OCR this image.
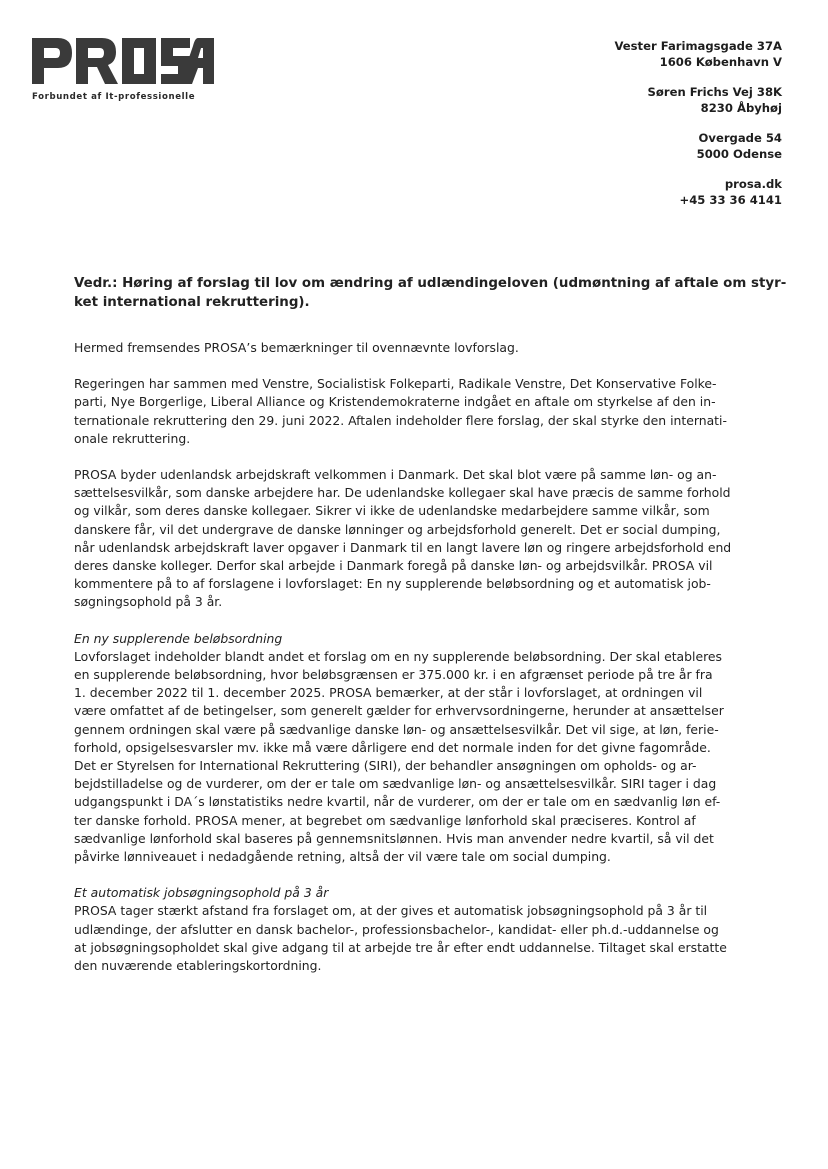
Forbundet af It-professionelle
Vester Farimagsgade 37A
1606 København V
Søren Frichs Vej 38K
8230 Åbyhøj
Overgade 54
5000 Odense
prosa.dk
+45 33 36 4141
Vedr.: Høring af forslag til lov om ændring af udlændingeloven (udmøntning af aftale om styr-
ket international rekruttering).
Hermed fremsendes PROSA’s bemærkninger til ovennævnte lovforslag.
Regeringen har sammen med Venstre, Socialistisk Folkeparti, Radikale Venstre, Det Konservative Folke-
parti, Nye Borgerlige, Liberal Alliance og Kristendemokraterne indgået en aftale om styrkelse af den in-
ternationale rekruttering den 29. juni 2022. Aftalen indeholder flere forslag, der skal styrke den internati-
onale rekruttering.
PROSA byder udenlandsk arbejdskraft velkommen i Danmark. Det skal blot være på samme løn- og an-
sættelsesvilkår, som danske arbejdere har. De udenlandske kollegaer skal have præcis de samme forhold
og vilkår, som deres danske kollegaer. Sikrer vi ikke de udenlandske medarbejdere samme vilkår, som
danskere får, vil det undergrave de danske lønninger og arbejdsforhold generelt. Det er social dumping,
når udenlandsk arbejdskraft laver opgaver i Danmark til en langt lavere løn og ringere arbejdsforhold end
deres danske kolleger. Derfor skal arbejde i Danmark foregå på danske løn- og arbejdsvilkår. PROSA vil
kommentere på to af forslagene i lovforslaget: En ny supplerende beløbsordning og et automatisk job-
søgningsophold på 3 år.
En ny supplerende beløbsordning
Lovforslaget indeholder blandt andet et forslag om en ny supplerende beløbsordning. Der skal etableres
en supplerende beløbsordning, hvor beløbsgrænsen er 375.000 kr. i en afgrænset periode på tre år fra
1. december 2022 til 1. december 2025. PROSA bemærker, at der står i lovforslaget, at ordningen vil
være omfattet af de betingelser, som generelt gælder for erhvervsordningerne, herunder at ansættelser
gennem ordningen skal være på sædvanlige danske løn- og ansættelsesvilkår. Det vil sige, at løn, ferie-
forhold, opsigelsesvarsler mv. ikke må være dårligere end det normale inden for det givne fagområde.
Det er Styrelsen for International Rekruttering (SIRI), der behandler ansøgningen om opholds- og ar-
bejdstilladelse og de vurderer, om der er tale om sædvanlige løn- og ansættelsesvilkår. SIRI tager i dag
udgangspunkt i DA´s lønstatistiks nedre kvartil, når de vurderer, om der er tale om en sædvanlig løn ef-
ter danske forhold. PROSA mener, at begrebet om sædvanlige lønforhold skal præciseres. Kontrol af
sædvanlige lønforhold skal baseres på gennemsnitslønnen. Hvis man anvender nedre kvartil, så vil det
påvirke lønniveauet i nedadgående retning, altså der vil være tale om social dumping.
Et automatisk jobsøgningsophold på 3 år
PROSA tager stærkt afstand fra forslaget om, at der gives et automatisk jobsøgningsophold på 3 år til
udlændinge, der afslutter en dansk bachelor-, professionsbachelor-, kandidat- eller ph.d.-uddannelse og
at jobsøgningsopholdet skal give adgang til at arbejde tre år efter endt uddannelse. Tiltaget skal erstatte
den nuværende etableringskortordning.
